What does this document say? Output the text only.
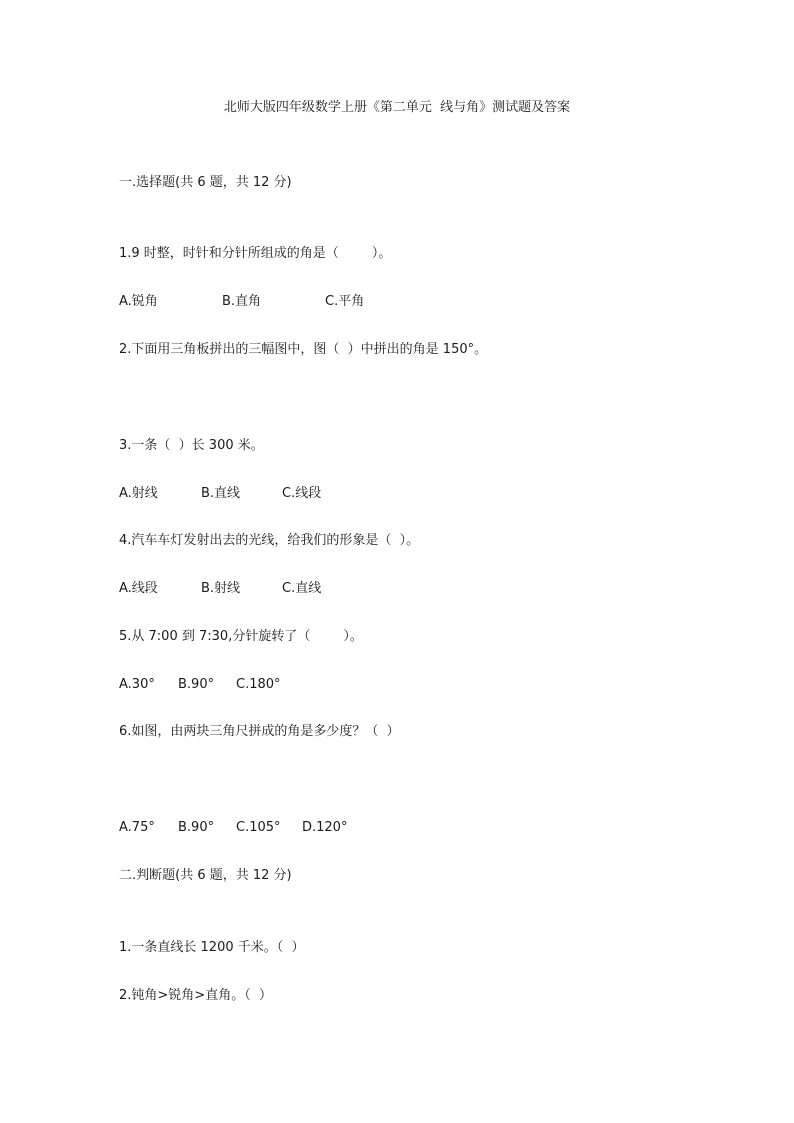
北师大版四年级数学上册《第二单元  线与角》测试题及答案
一.选择题(共 6 题，共 12 分)
1.9 时整，时针和分针所组成的角是（        ）。
A.锐角	B.直角	C.平角
2.下面用三角板拼出的三幅图中，图（  ）中拼出的角是 150°。
3.一条（  ）长 300 米。
A.射线	B.直线	C.线段
4.汽车车灯发射出去的光线，给我们的形象是（  ）。
A.线段	B.射线	C.直线
5.从 7:00 到 7:30,分针旋转了（        ）。
A.30° B.90° C.180°
6.如图，由两块三角尺拼成的角是多少度？（  ）
A.75° B.90° C.105° D.120°
二.判断题(共 6 题，共 12 分)
1.一条直线长 1200 千米。（  ）
2.钝角>锐角>直角。（  ）
